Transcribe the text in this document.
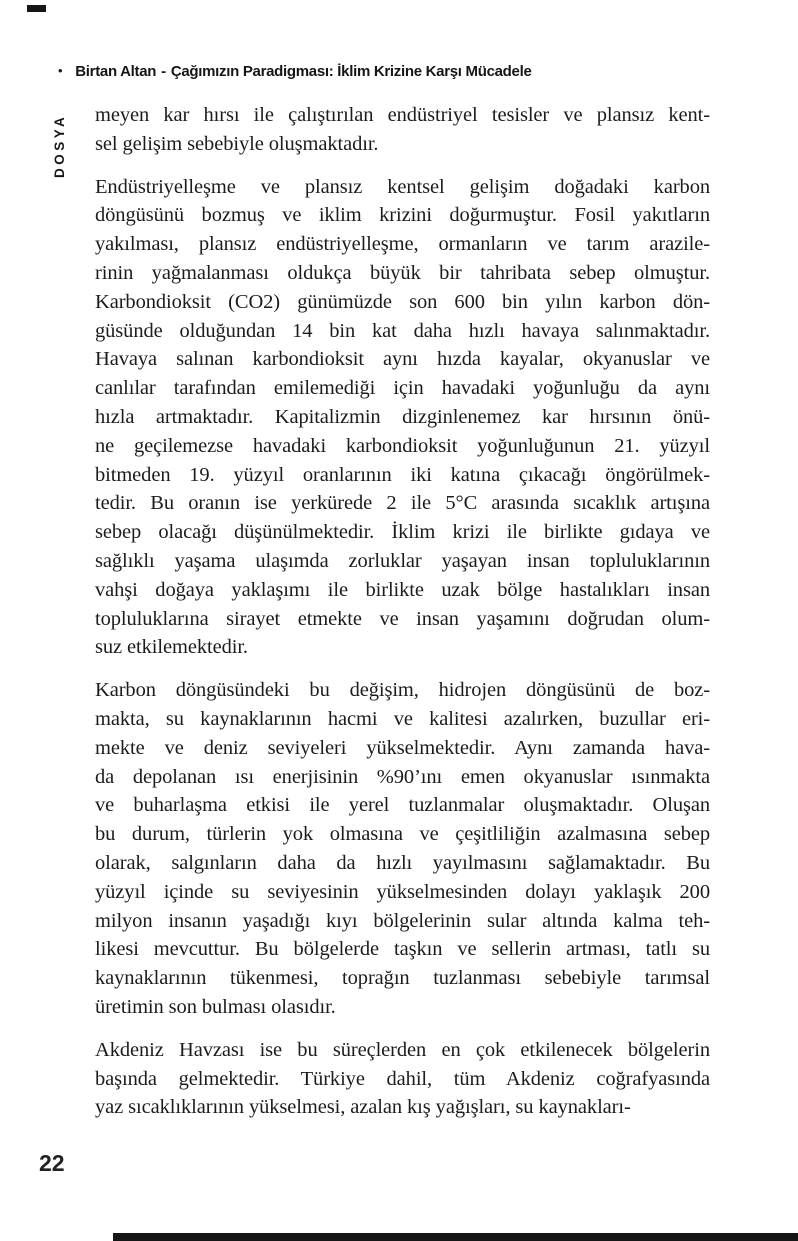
• Birtan Altan - Çağımızın Paradigması: İklim Krizine Karşı Mücadele
DOSYA meyen kar hırsı ile çalıştırılan endüstriyel tesisler ve plansız kent-
sel gelişim sebebiyle oluşmaktadır.
Endüstriyelleşme ve plansız kentsel gelişim doğadaki karbon
döngüsünü bozmuş ve iklim krizini doğurmuştur. Fosil yakıtların
yakılması, plansız endüstriyelleşme, ormanların ve tarım arazile-
rinin yağmalanması oldukça büyük bir tahribata sebep olmuştur.
Karbondioksit (CO2) günümüzde son 600 bin yılın karbon dön-
güsünde olduğundan 14 bin kat daha hızlı havaya salınmaktadır.
Havaya salınan karbondioksit aynı hızda kayalar, okyanuslar ve
canlılar tarafından emilemediği için havadaki yoğunluğu da aynı
hızla artmaktadır. Kapitalizmin dizginlenemez kar hırsının önü-
ne geçilemezse havadaki karbondioksit yoğunluğunun 21. yüzyıl
bitmeden 19. yüzyıl oranlarının iki katına çıkacağı öngörülmek-
tedir. Bu oranın ise yerkürede 2 ile 5°C arasında sıcaklık artışına
sebep olacağı düşünülmektedir. İklim krizi ile birlikte gıdaya ve
sağlıklı yaşama ulaşımda zorluklar yaşayan insan topluluklarının
vahşi doğaya yaklaşımı ile birlikte uzak bölge hastalıkları insan
topluluklarına sirayet etmekte ve insan yaşamını doğrudan olum-
suz etkilemektedir.
Karbon döngüsündeki bu değişim, hidrojen döngüsünü de boz-
makta, su kaynaklarının hacmi ve kalitesi azalırken, buzullar eri-
mekte ve deniz seviyeleri yükselmektedir. Aynı zamanda hava-
da depolanan ısı enerjisinin %90’ını emen okyanuslar ısınmakta
ve buharlaşma etkisi ile yerel tuzlanmalar oluşmaktadır. Oluşan
bu durum, türlerin yok olmasına ve çeşitliliğin azalmasına sebep
olarak, salgınların daha da hızlı yayılmasını sağlamaktadır. Bu
yüzyıl içinde su seviyesinin yükselmesinden dolayı yaklaşık 200
milyon insanın yaşadığı kıyı bölgelerinin sular altında kalma teh-
likesi mevcuttur. Bu bölgelerde taşkın ve sellerin artması, tatlı su
kaynaklarının tükenmesi, toprağın tuzlanması sebebiyle tarımsal
üretimin son bulması olasıdır.
Akdeniz Havzası ise bu süreçlerden en çok etkilenecek bölgelerin
başında gelmektedir. Türkiye dahil, tüm Akdeniz coğrafyasında
yaz sıcaklıklarının yükselmesi, azalan kış yağışları, su kaynakları-
22
